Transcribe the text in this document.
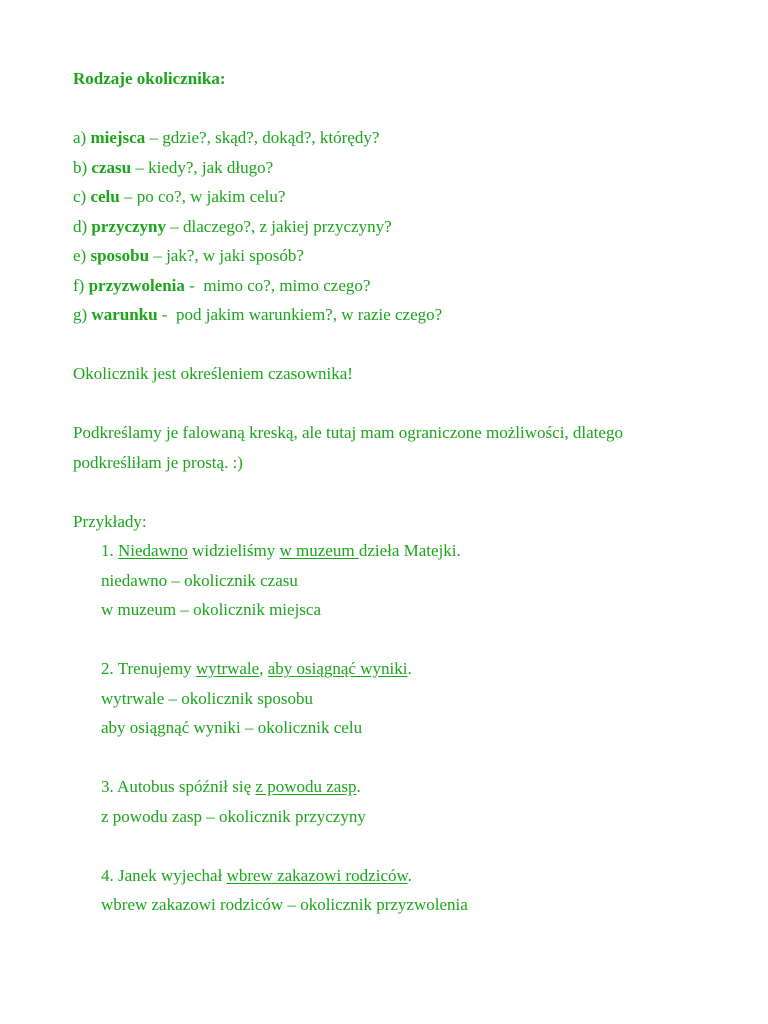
Rodzaje okolicznika:
a) miejsca – gdzie?, skąd?, dokąd?, którędy?
b) czasu – kiedy?, jak długo?
c) celu – po co?, w jakim celu?
d) przyczyny – dlaczego?, z jakiej przyczyny?
e) sposobu – jak?, w jaki sposób?
f) przyzwolenia -  mimo co?, mimo czego?
g) warunku -  pod jakim warunkiem?, w razie czego?
Okolicznik jest określeniem czasownika!
Podkreślamy je falowaną kreską, ale tutaj mam ograniczone możliwości, dlatego
podkreśliłam je prostą. :)
Przykłady:
1. Niedawno widzieliśmy w muzeum dzieła Matejki.
niedawno – okolicznik czasu
w muzeum – okolicznik miejsca
2. Trenujemy wytrwale, aby osiągnąć wyniki.
wytrwale – okolicznik sposobu
aby osiągnąć wyniki – okolicznik celu
3. Autobus spóźnił się z powodu zasp.
z powodu zasp – okolicznik przyczyny
4. Janek wyjechał wbrew zakazowi rodziców.
wbrew zakazowi rodziców – okolicznik przyzwolenia
